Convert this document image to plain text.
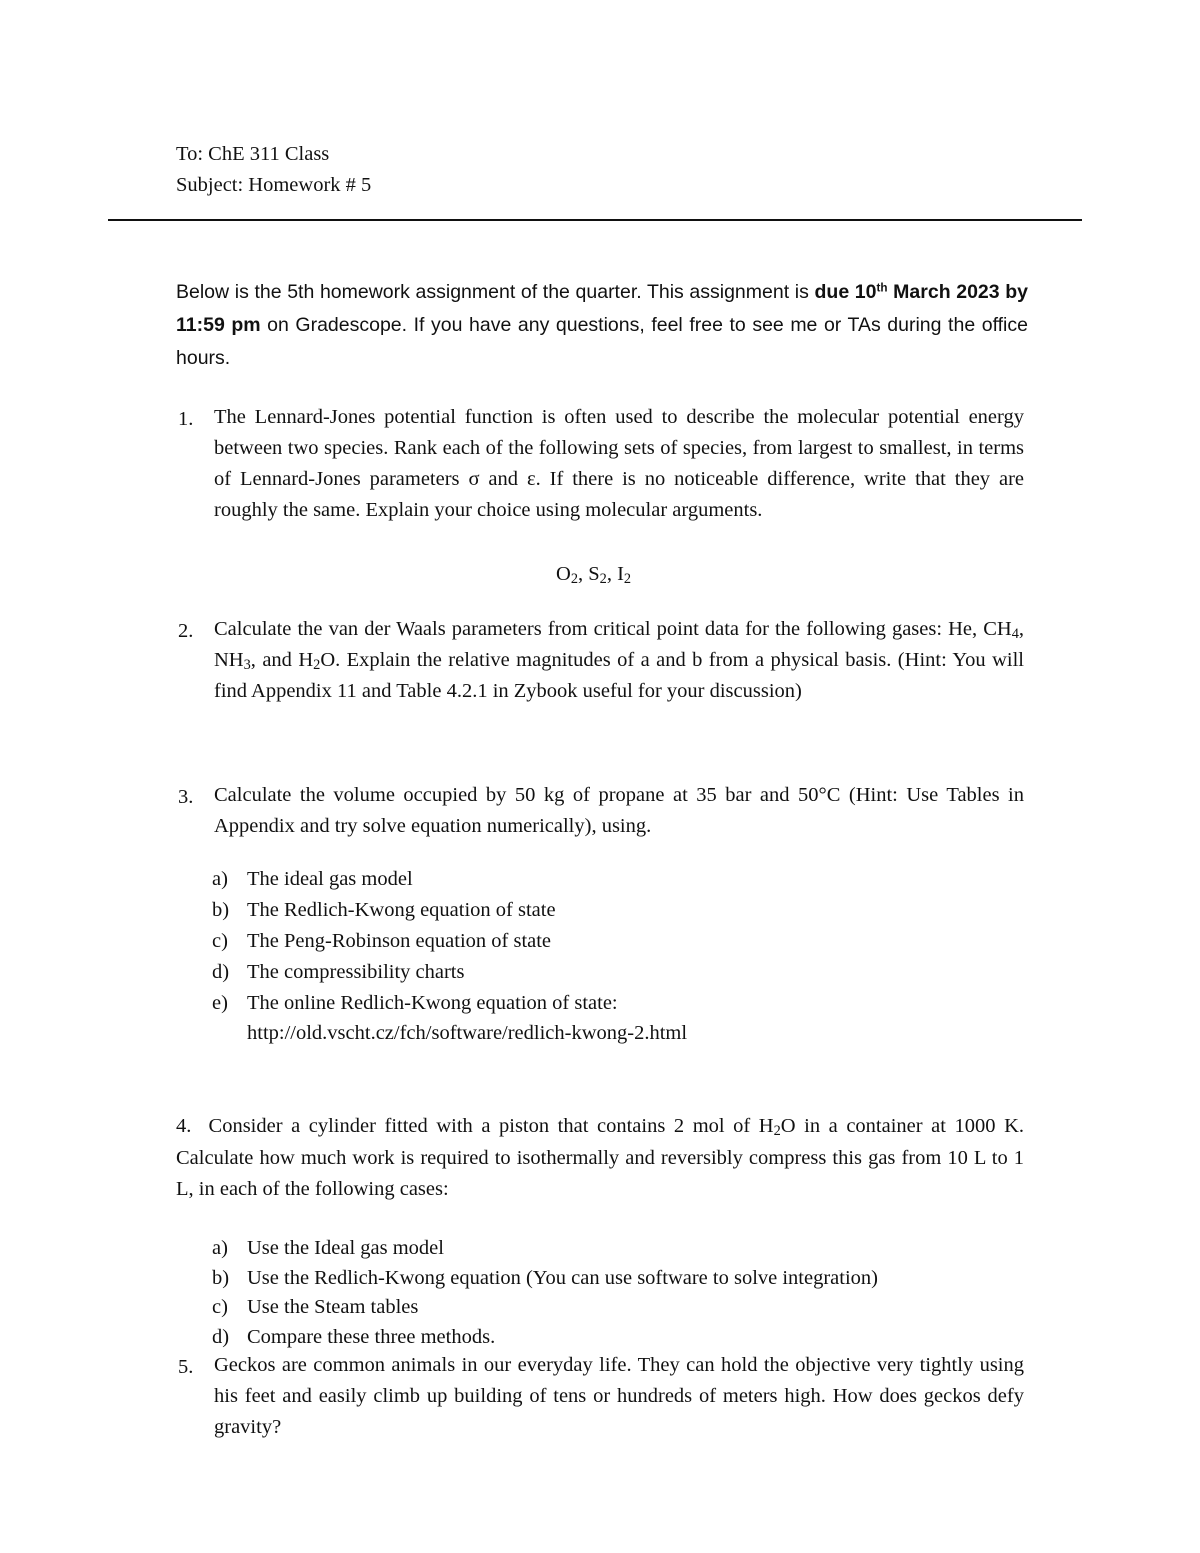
To: ChE 311 Class
Subject: Homework # 5
Below is the 5th homework assignment of the quarter. This assignment is due 10th March 2023 by 11:59 pm on Gradescope. If you have any questions, feel free to see me or TAs during the office hours.
1. The Lennard-Jones potential function is often used to describe the molecular potential energy between two species. Rank each of the following sets of species, from largest to smallest, in terms of Lennard-Jones parameters σ and ε. If there is no noticeable difference, write that they are roughly the same. Explain your choice using molecular arguments.
$O_2$, $S_2$, $I_2$
2. Calculate the van der Waals parameters from critical point data for the following gases: He, $CH_4$, $NH_3$, and $H_2O$. Explain the relative magnitudes of a and b from a physical basis. (Hint: You will find Appendix 11 and Table 4.2.1 in Zybook useful for your discussion)
3. Calculate the volume occupied by 50 kg of propane at 35 bar and 50°C (Hint: Use Tables in Appendix and try solve equation numerically), using.
a) The ideal gas model
b) The Redlich-Kwong equation of state
c) The Peng-Robinson equation of state
d) The compressibility charts
e) The online Redlich-Kwong equation of state:
http://old.vscht.cz/fch/software/redlich-kwong-2.html
4. Consider a cylinder fitted with a piston that contains 2 mol of $H_2O$ in a container at 1000 K. Calculate how much work is required to isothermally and reversibly compress this gas from 10 L to 1 L, in each of the following cases:
a) Use the Ideal gas model
b) Use the Redlich-Kwong equation (You can use software to solve integration)
c) Use the Steam tables
d) Compare these three methods.
5. Geckos are common animals in our everyday life. They can hold the objective very tightly using his feet and easily climb up building of tens or hundreds of meters high. How does geckos defy gravity?
